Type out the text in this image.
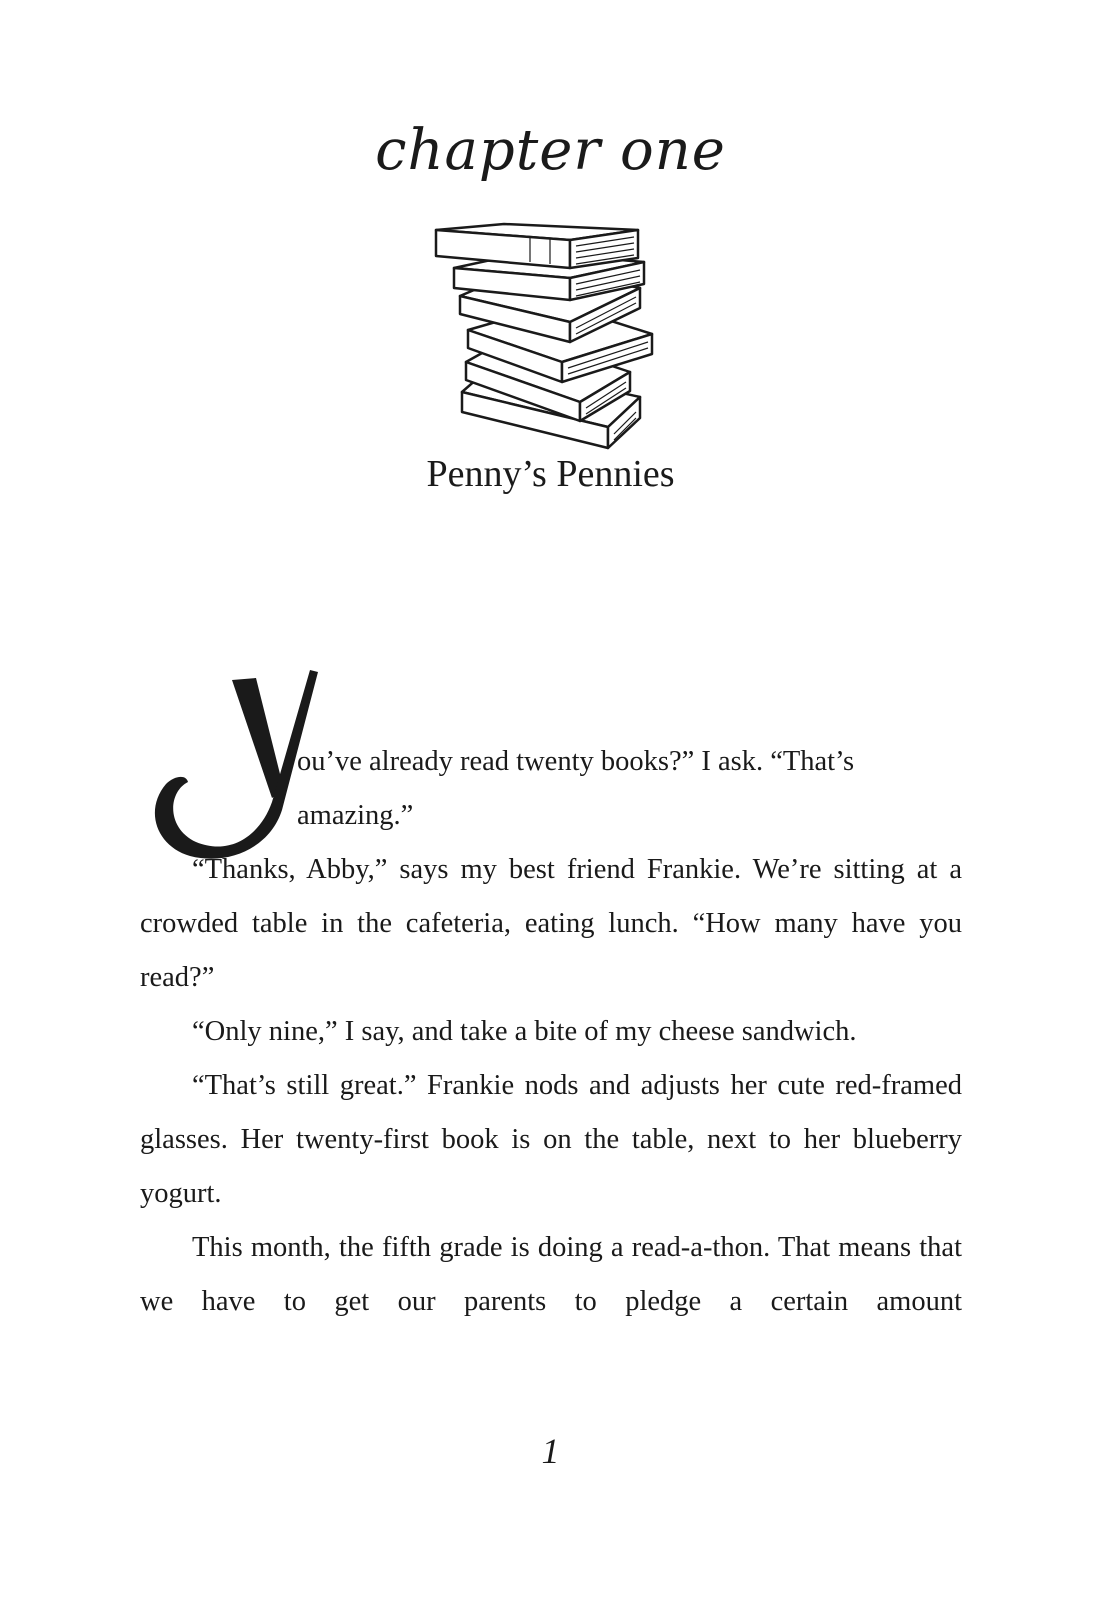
chapter one
Penny’s Pennies

ou’ve already read twenty books?” I ask. “That’s
amazing.”

“Thanks, Abby,” says my best friend Frankie. We’re sitting at a crowded table in the cafeteria, eating lunch. “How many have you read?”

“Only nine,” I say, and take a bite of my cheese sandwich.

“That’s still great.” Frankie nods and adjusts her cute red-framed glasses. Her twenty-first book is on the table, next to her blueberry yogurt.

This month, the fifth grade is doing a read-a-thon. That means that we have to get our parents to pledge a certain amount

1
